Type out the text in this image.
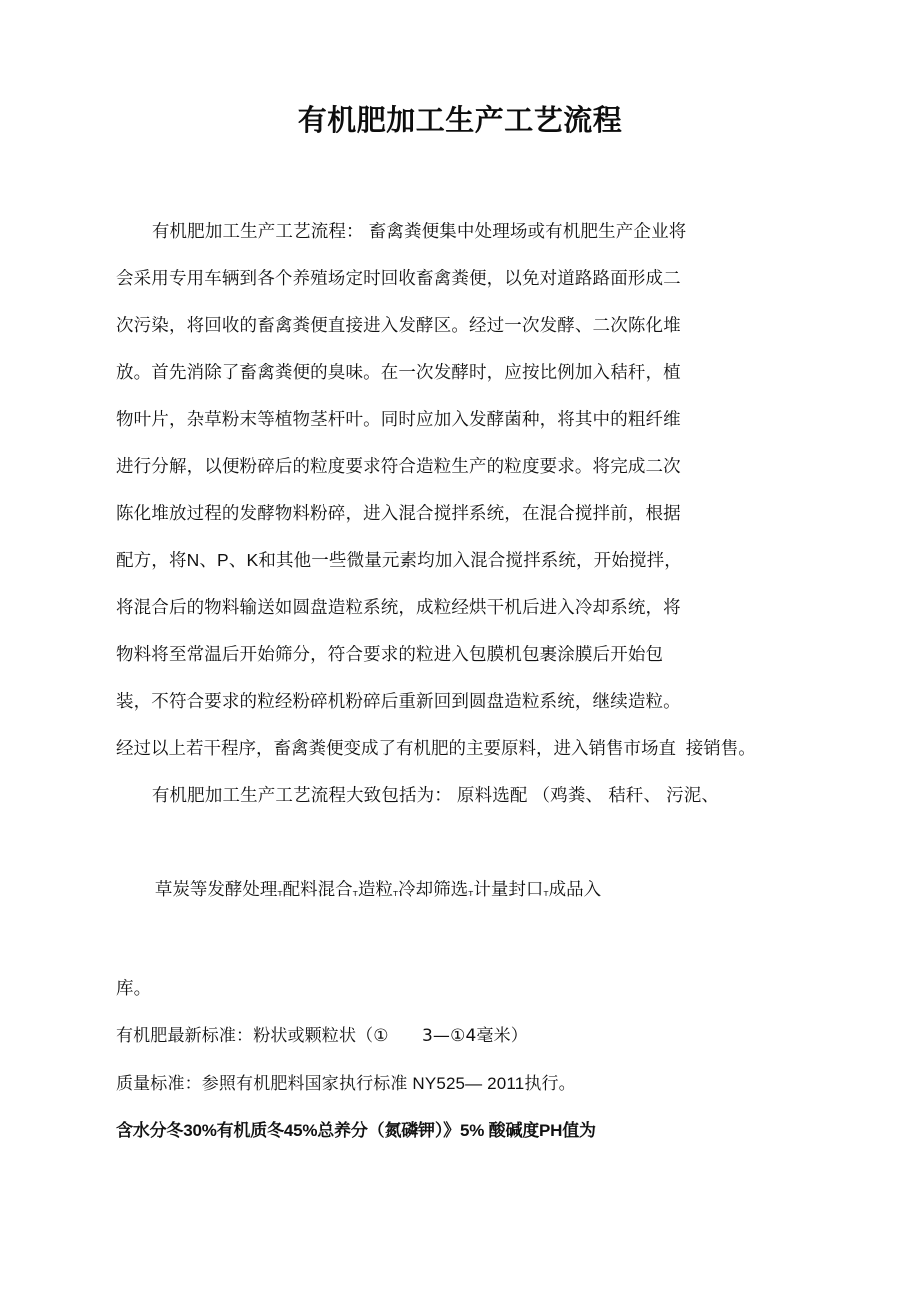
有机肥加工生产工艺流程
有机肥加工生产工艺流程： 畜禽粪便集中处理场或有机肥生产企业将
会采用专用车辆到各个养殖场定时回收畜禽粪便，以免对道路路面形成二
次污染，将回收的畜禽粪便直接进入发酵区。经过一次发酵、二次陈化堆
放。首先消除了畜禽粪便的臭味。在一次发酵时，应按比例加入秸秆，植
物叶片，杂草粉末等植物茎杆叶。同时应加入发酵菌种，将其中的粗纤维
进行分解，以便粉碎后的粒度要求符合造粒生产的粒度要求。将完成二次
陈化堆放过程的发酵物料粉碎，进入混合搅拌系统，在混合搅拌前，根据
配方，将N、P、K和其他一些微量元素均加入混合搅拌系统，开始搅拌，
将混合后的物料输送如圆盘造粒系统，成粒经烘干机后进入冷却系统，将
物料将至常温后开始筛分，符合要求的粒进入包膜机包裹涂膜后开始包
装，不符合要求的粒经粉碎机粉碎后重新回到圆盘造粒系统，继续造粒。
经过以上若干程序，畜禽粪便变成了有机肥的主要原料，进入销售市场直  接销售。
有机肥加工生产工艺流程大致包括为： 原料选配 （鸡粪、 秸秆、 污泥、

草炭等发酵处理т配料混合т造粒т冷却筛选т计量封口т成品入

库。
有机肥最新标准：粉状或颗粒状（①      3—①4毫米）
质量标准：参照有机肥料国家执行标准 NY525— 2011执行。
含水分冬30%有机质冬45%总养分（氮磷钾）》5% 酸碱度PH值为
